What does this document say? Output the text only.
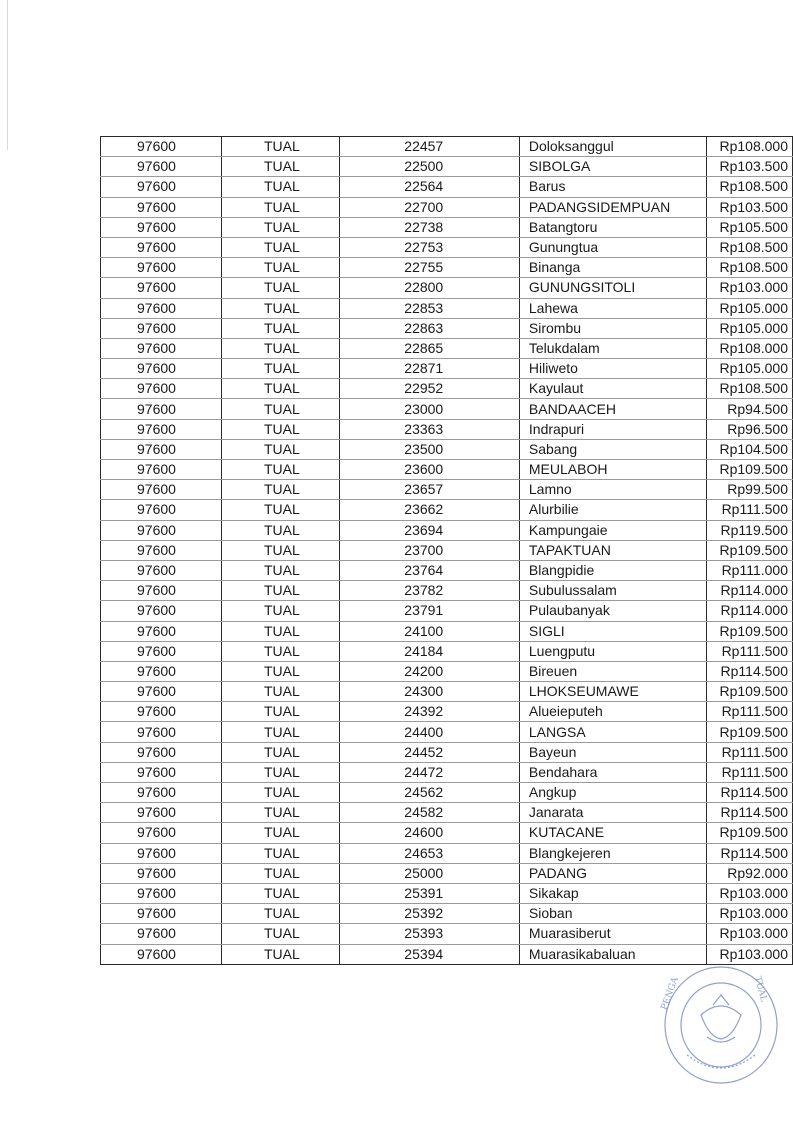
97600	TUAL	22457	Doloksanggul	Rp108.000
97600	TUAL	22500	SIBOLGA	Rp103.500
97600	TUAL	22564	Barus	Rp108.500
97600	TUAL	22700	PADANGSIDEMPUAN	Rp103.500
97600	TUAL	22738	Batangtoru	Rp105.500
97600	TUAL	22753	Gunungtua	Rp108.500
97600	TUAL	22755	Binanga	Rp108.500
97600	TUAL	22800	GUNUNGSITOLI	Rp103.000
97600	TUAL	22853	Lahewa	Rp105.000
97600	TUAL	22863	Sirombu	Rp105.000
97600	TUAL	22865	Telukdalam	Rp108.000
97600	TUAL	22871	Hiliweto	Rp105.000
97600	TUAL	22952	Kayulaut	Rp108.500
97600	TUAL	23000	BANDAACEH	Rp94.500
97600	TUAL	23363	Indrapuri	Rp96.500
97600	TUAL	23500	Sabang	Rp104.500
97600	TUAL	23600	MEULABOH	Rp109.500
97600	TUAL	23657	Lamno	Rp99.500
97600	TUAL	23662	Alurbilie	Rp111.500
97600	TUAL	23694	Kampungaie	Rp119.500
97600	TUAL	23700	TAPAKTUAN	Rp109.500
97600	TUAL	23764	Blangpidie	Rp111.000
97600	TUAL	23782	Subulussalam	Rp114.000
97600	TUAL	23791	Pulaubanyak	Rp114.000
97600	TUAL	24100	SIGLI	Rp109.500
97600	TUAL	24184	Luengputu	Rp111.500
97600	TUAL	24200	Bireuen	Rp114.500
97600	TUAL	24300	LHOKSEUMAWE	Rp109.500
97600	TUAL	24392	Alueieputeh	Rp111.500
97600	TUAL	24400	LANGSA	Rp109.500
97600	TUAL	24452	Bayeun	Rp111.500
97600	TUAL	24472	Bendahara	Rp111.500
97600	TUAL	24562	Angkup	Rp114.500
97600	TUAL	24582	Janarata	Rp114.500
97600	TUAL	24600	KUTACANE	Rp109.500
97600	TUAL	24653	Blangkejeren	Rp114.500
97600	TUAL	25000	PADANG	Rp92.000
97600	TUAL	25391	Sikakap	Rp103.000
97600	TUAL	25392	Sioban	Rp103.000
97600	TUAL	25393	Muarasiberut	Rp103.000
97600	TUAL	25394	Muarasikabaluan	Rp103.000
PENGA	TUAL
